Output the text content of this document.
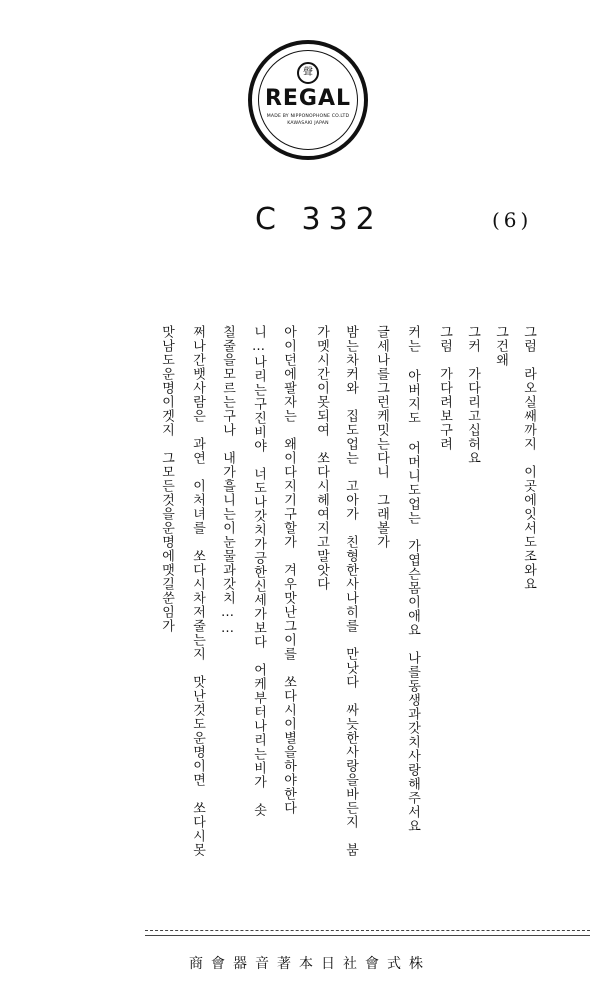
聲
REGAL
MADE BY NIPPONOPHONE CO.LTD
KAWASAKI JAPAN
C 332	(6)
그럼　라오실쌔까지　이곳에잇서도조와요
그건왜
그커　가다리고십허요
그럼　가다려보구려
커는 아버지도 어머니도업는　가엽슨몸이애요　나를동생과갓치사랑해주서요
글세나를그런케밋는다니　그래볼가
밤는차커와　집도업는　고아가　친형한사나히를　만낫다　싸늣한사랑을바든지　붐
가멧시간이못되여　쏘다시헤여지고말앗다
아이던에팔자는　왜이다지기구할가　겨우맛난그이를　쏘다시이별을하야한다
니…나리는구진비야　너도나갓치가긍한신세가보다　어케부터나리는비가　솟
칠줄을모르는구나　내가흘니는이눈물과갓치……
쩌나간뱃사람은　과연　이처녀를　쏘다시차저줄는지　맛난것도운명이면　쏘다시못
맛남도운명이겟지　그모든것을운명에맷길쑨임가
商會器音著本日社會式株
